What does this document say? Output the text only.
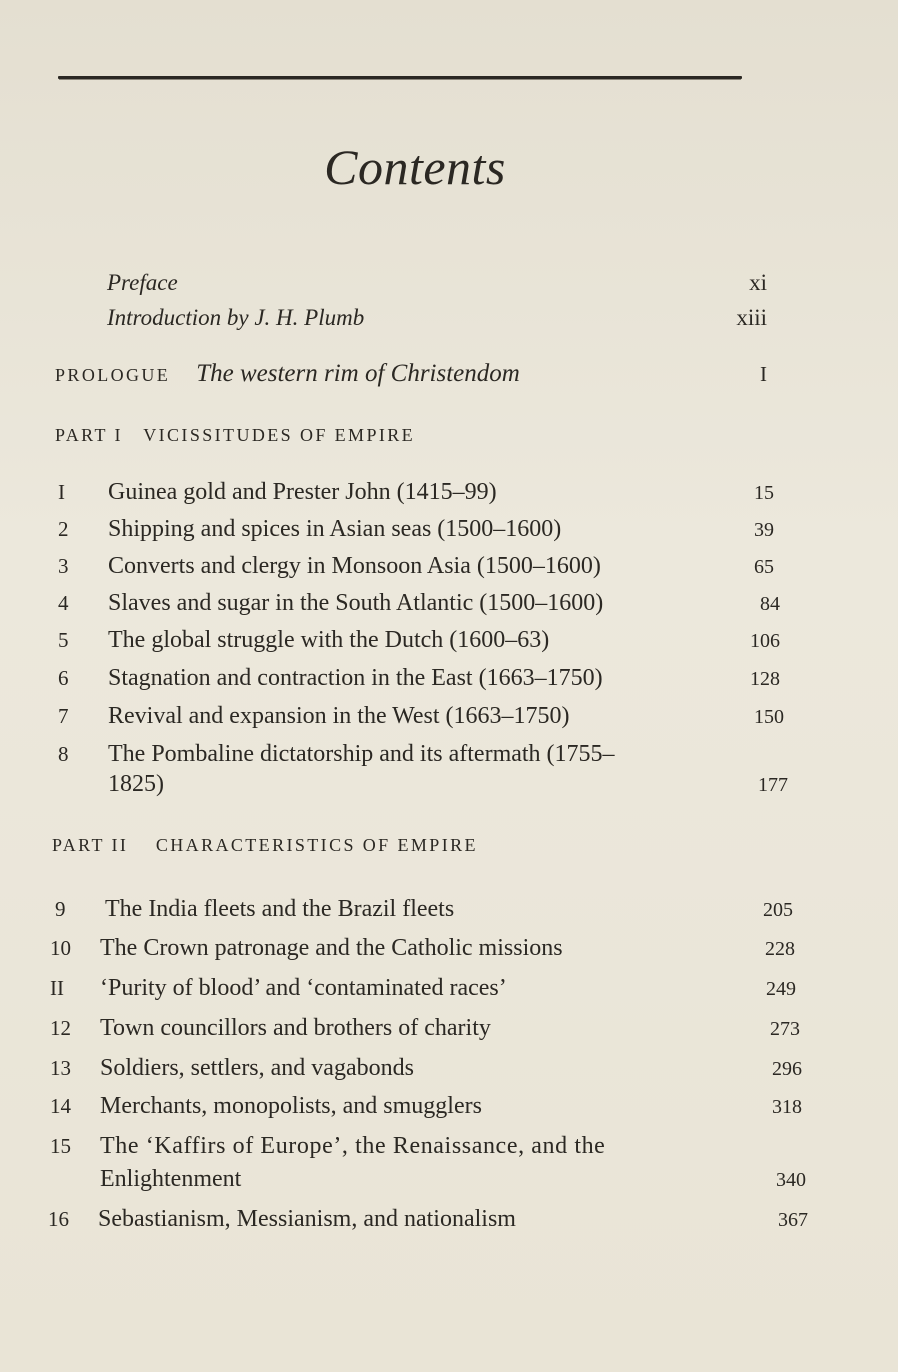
Contents
Preface	xi
Introduction by J. H. Plumb	xiii
PROLOGUE The western rim of Christendom	I
PART I VICISSITUDES OF EMPIRE
I	Guinea gold and Prester John (1415–99)	15
2	Shipping and spices in Asian seas (1500–1600)	39
3	Converts and clergy in Monsoon Asia (1500–1600)	65
4	Slaves and sugar in the South Atlantic (1500–1600)	84
5	The global struggle with the Dutch (1600–63)	106
6	Stagnation and contraction in the East (1663–1750)	128
7	Revival and expansion in the West (1663–1750)	150
8	The Pombaline dictatorship and its aftermath (1755–
1825)	177
PART II CHARACTERISTICS OF EMPIRE
9	The India fleets and the Brazil fleets	205
10	The Crown patronage and the Catholic missions	228
II	‘Purity of blood’ and ‘contaminated races’	249
12	Town councillors and brothers of charity	273
13	Soldiers, settlers, and vagabonds	296
14	Merchants, monopolists, and smugglers	318
15	The ‘Kaffirs of Europe’, the Renaissance, and the
Enlightenment	340
16	Sebastianism, Messianism, and nationalism	367
